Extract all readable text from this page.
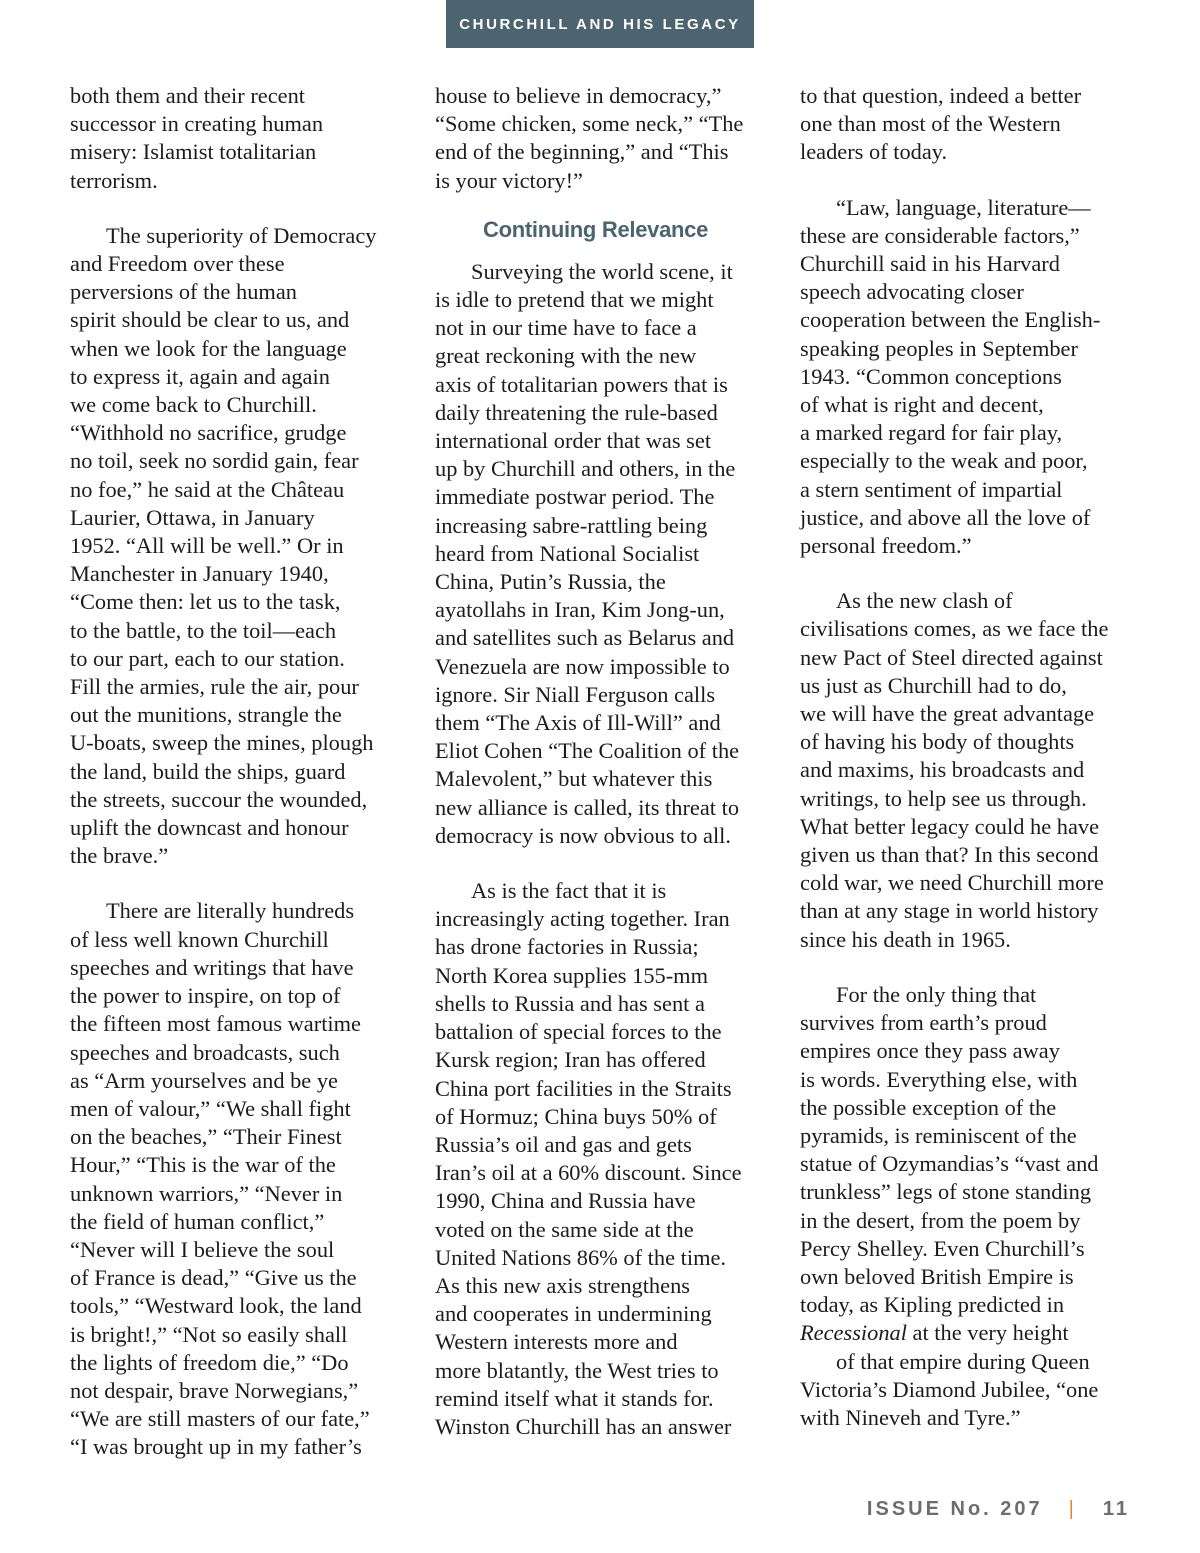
CHURCHILL AND HIS LEGACY

both them and their recent
successor in creating human
misery: Islamist totalitarian
terrorism.

The superiority of Democracy
and Freedom over these
perversions of the human
spirit should be clear to us, and
when we look for the language
to express it, again and again
we come back to Churchill.
“Withhold no sacrifice, grudge
no toil, seek no sordid gain, fear
no foe,” he said at the Château
Laurier, Ottawa, in January
1952. “All will be well.” Or in
Manchester in January 1940,
“Come then: let us to the task,
to the battle, to the toil—each
to our part, each to our station.
Fill the armies, rule the air, pour
out the munitions, strangle the
U-boats, sweep the mines, plough
the land, build the ships, guard
the streets, succour the wounded,
uplift the downcast and honour
the brave.”

There are literally hundreds
of less well known Churchill
speeches and writings that have
the power to inspire, on top of
the fifteen most famous wartime
speeches and broadcasts, such
as “Arm yourselves and be ye
men of valour,” “We shall fight
on the beaches,” “Their Finest
Hour,” “This is the war of the
unknown warriors,” “Never in
the field of human conflict,”
“Never will I believe the soul
of France is dead,” “Give us the
tools,” “Westward look, the land
is bright!,” “Not so easily shall
the lights of freedom die,” “Do
not despair, brave Norwegians,”
“We are still masters of our fate,”
“I was brought up in my father’s

house to believe in democracy,”
“Some chicken, some neck,” “The
end of the beginning,” and “This
is your victory!”

Continuing Relevance

Surveying the world scene, it
is idle to pretend that we might
not in our time have to face a
great reckoning with the new
axis of totalitarian powers that is
daily threatening the rule-based
international order that was set
up by Churchill and others, in the
immediate postwar period. The
increasing sabre-rattling being
heard from National Socialist
China, Putin’s Russia, the
ayatollahs in Iran, Kim Jong-un,
and satellites such as Belarus and
Venezuela are now impossible to
ignore. Sir Niall Ferguson calls
them “The Axis of Ill-Will” and
Eliot Cohen “The Coalition of the
Malevolent,” but whatever this
new alliance is called, its threat to
democracy is now obvious to all.

As is the fact that it is
increasingly acting together. Iran
has drone factories in Russia;
North Korea supplies 155-mm
shells to Russia and has sent a
battalion of special forces to the
Kursk region; Iran has offered
China port facilities in the Straits
of Hormuz; China buys 50% of
Russia’s oil and gas and gets
Iran’s oil at a 60% discount. Since
1990, China and Russia have
voted on the same side at the
United Nations 86% of the time.
As this new axis strengthens
and cooperates in undermining
Western interests more and
more blatantly, the West tries to
remind itself what it stands for.
Winston Churchill has an answer

to that question, indeed a better
one than most of the Western
leaders of today.

“Law, language, literature—
these are considerable factors,”
Churchill said in his Harvard
speech advocating closer
cooperation between the English-
speaking peoples in September
1943. “Common conceptions
of what is right and decent,
a marked regard for fair play,
especially to the weak and poor,
a stern sentiment of impartial
justice, and above all the love of
personal freedom.”

As the new clash of
civilisations comes, as we face the
new Pact of Steel directed against
us just as Churchill had to do,
we will have the great advantage
of having his body of thoughts
and maxims, his broadcasts and
writings, to help see us through.
What better legacy could he have
given us than that? In this second
cold war, we need Churchill more
than at any stage in world history
since his death in 1965.

For the only thing that
survives from earth’s proud
empires once they pass away
is words. Everything else, with
the possible exception of the
pyramids, is reminiscent of the
statue of Ozymandias’s “vast and
trunkless” legs of stone standing
in the desert, from the poem by
Percy Shelley. Even Churchill’s
own beloved British Empire is
today, as Kipling predicted in
Recessional at the very height
of that empire during Queen
Victoria’s Diamond Jubilee, “one
with Nineveh and Tyre.”

ISSUE No. 207 | 11
